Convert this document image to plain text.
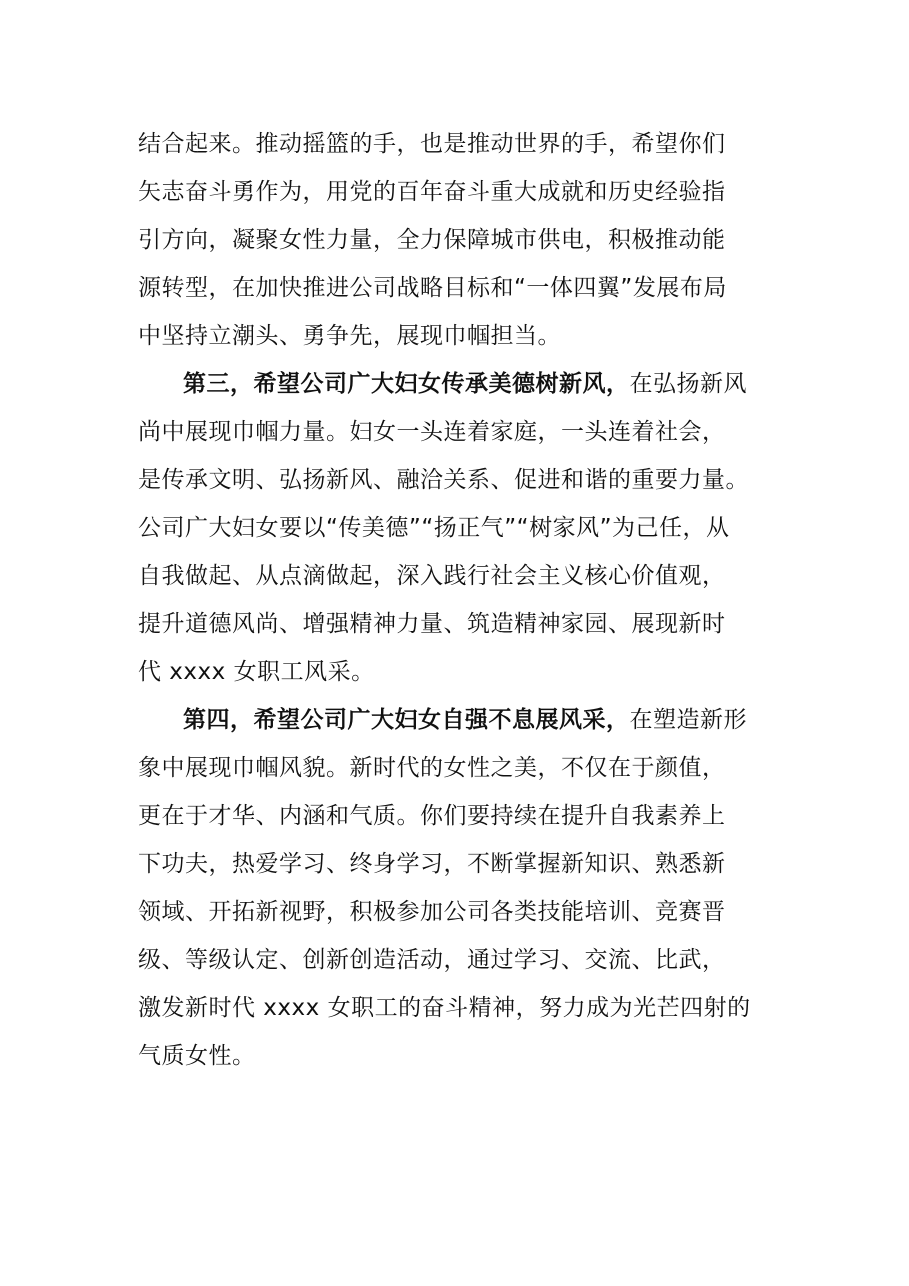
结合起来。推动摇篮的手，也是推动世界的手，希望你们
矢志奋斗勇作为，用党的百年奋斗重大成就和历史经验指
引方向，凝聚女性力量，全力保障城市供电，积极推动能
源转型，在加快推进公司战略目标和“一体四翼”发展布局
中坚持立潮头、勇争先，展现巾帼担当。
第三，希望公司广大妇女传承美德树新风，在弘扬新风
尚中展现巾帼力量。妇女一头连着家庭，一头连着社会，
是传承文明、弘扬新风、融洽关系、促进和谐的重要力量。
公司广大妇女要以“传美德”“扬正气”“树家风”为己任，从
自我做起、从点滴做起，深入践行社会主义核心价值观，
提升道德风尚、增强精神力量、筑造精神家园、展现新时
代 xxxx 女职工风采。
第四，希望公司广大妇女自强不息展风采，在塑造新形
象中展现巾帼风貌。新时代的女性之美，不仅在于颜值，
更在于才华、内涵和气质。你们要持续在提升自我素养上
下功夫，热爱学习、终身学习，不断掌握新知识、熟悉新
领域、开拓新视野，积极参加公司各类技能培训、竞赛晋
级、等级认定、创新创造活动，通过学习、交流、比武，
激发新时代 xxxx 女职工的奋斗精神，努力成为光芒四射的
气质女性。
